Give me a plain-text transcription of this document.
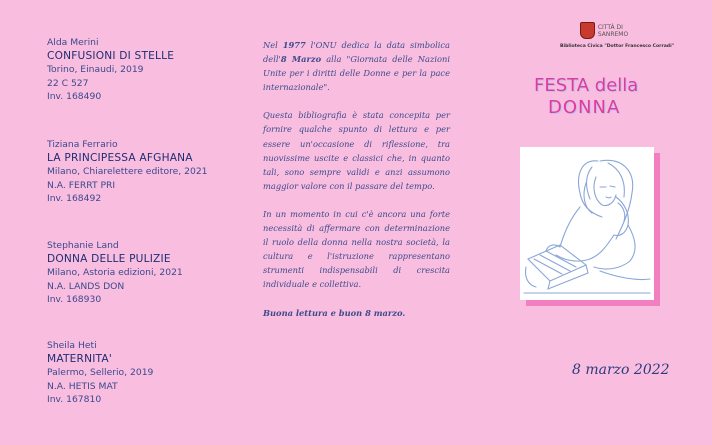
Alda Merini
CONFUSIONI DI STELLE
Torino, Einaudi, 2019
22 C 527
Inv. 168490
Tiziana Ferrario
LA PRINCIPESSA AFGHANA
Milano, Chiarelettere editore, 2021
N.A. FERRT PRI
Inv. 168492
Stephanie Land
DONNA DELLE PULIZIE
Milano, Astoria edizioni, 2021
N.A. LANDS DON
Inv. 168930
Sheila Heti
MATERNITA'
Palermo, Sellerio, 2019
N.A. HETIS MAT
Inv. 167810

Nel 1977 l'ONU dedica la data simbolica dell'8 Marzo alla "Giornata delle Nazioni Unite per i diritti delle Donne e per la pace internazionale".

Questa bibliografia è stata concepita per fornire qualche spunto di lettura e per essere un'occasione di riflessione, tra nuovissime uscite e classici che, in quanto tali, sono sempre validi e anzi assumono maggior valore con il passare del tempo.

In un momento in cui c'è ancora una forte necessità di affermare con determinazione il ruolo della donna nella nostra società, la cultura e l'istruzione rappresentano strumenti indispensabili di crescita individuale e collettiva.

Buona lettura e buon 8 marzo.

CITTÀ DI
SANREMO
Biblioteca Civica "Dottor Francesco Corradi"
FESTA della
DONNA
8 marzo 2022
